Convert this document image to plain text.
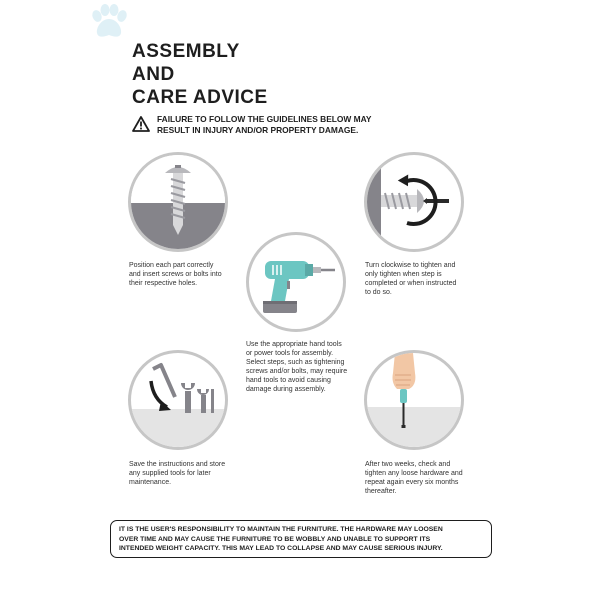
ASSEMBLY
AND
CARE ADVICE
FAILURE TO FOLLOW THE GUIDELINES BELOW MAY
RESULT IN INJURY AND/OR PROPERTY DAMAGE.
Position each part correctly
and insert screws or bolts into
their respective holes.
Use the appropriate hand tools
or power tools for assembly.
Select steps, such as tightening
screws and/or bolts, may require
hand tools to avoid causing
damage during assembly.
Turn clockwise to tighten and
only tighten when step is
completed or when instructed
to do so.
Save the instructions and store
any supplied tools for later
maintenance.
After two weeks, check and
tighten any loose hardware and
repeat again every six months
thereafter.
IT IS THE USER'S RESPONSIBILITY TO MAINTAIN THE FURNITURE. THE HARDWARE MAY LOOSEN
OVER TIME AND MAY CAUSE THE FURNITURE TO BE WOBBLY AND UNABLE TO SUPPORT ITS
INTENDED WEIGHT CAPACITY. THIS MAY LEAD TO COLLAPSE AND MAY CAUSE SERIOUS INJURY.
